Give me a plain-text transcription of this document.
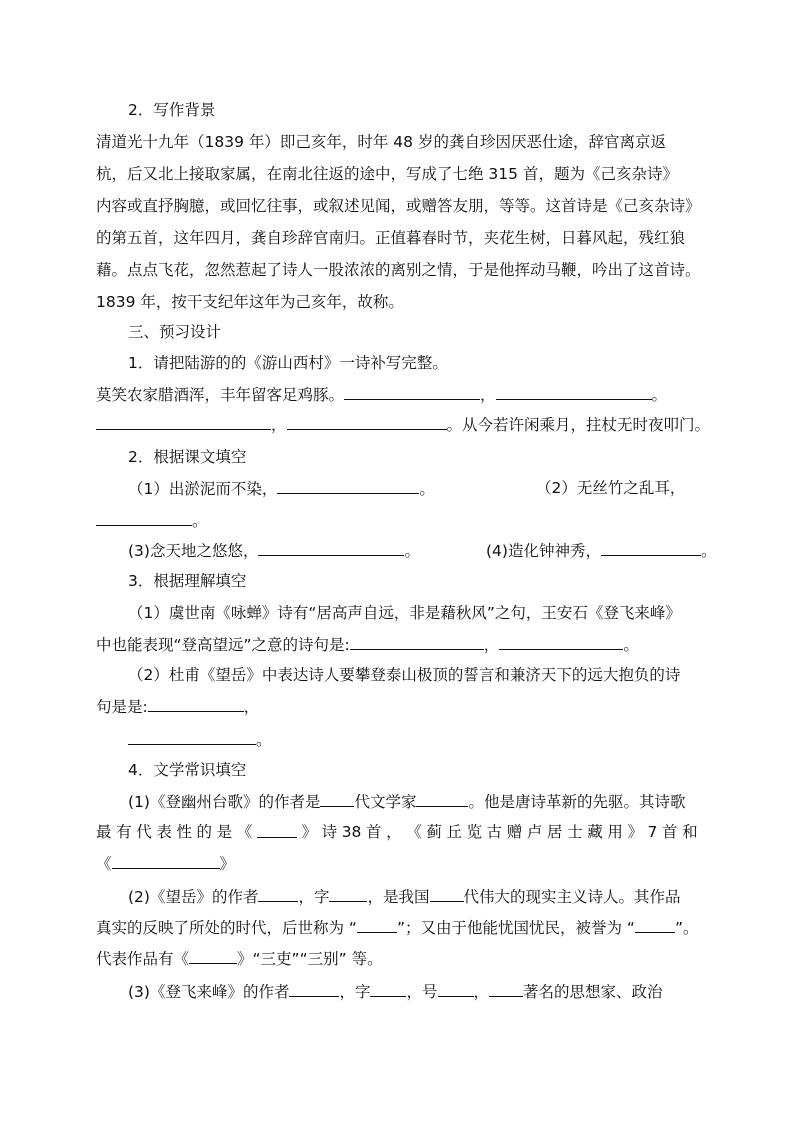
2．写作背景
清道光十九年（1839 年）即己亥年，时年 48 岁的龚自珍因厌恶仕途，辞官离京返
杭，后又北上接取家属，在南北往返的途中，写成了七绝 315 首，题为《己亥杂诗》
内容或直抒胸臆，或回忆往事，或叙述见闻，或赠答友朋，等等。这首诗是《己亥杂诗》
的第五首，这年四月，龚自珍辞官南归。正值暮春时节，夹花生树，日暮风起，残红狼
藉。点点飞花，忽然惹起了诗人一股浓浓的离别之情，于是他挥动马鞭，吟出了这首诗。
1839 年，按干支纪年这年为己亥年，故称。
三、预习设计
1．请把陆游的的《游山西村》一诗补写完整。
莫笑农家腊酒浑，丰年留客足鸡豚。	，	。
，	。从今若许闲乘月，拄杖无时夜叩门。
2．根据课文填空
（1）出淤泥而不染，	。	（2）无丝竹之乱耳，
。
(3)念天地之悠悠，	。	(4)造化钟神秀，	。
3．根据理解填空
（1）虞世南《咏蝉》诗有“居高声自远，非是藉秋风”之句，王安石《登飞来峰》
中也能表现“登高望远”之意的诗句是:	，	。
（2）杜甫《望岳》中表达诗人要攀登泰山极顶的誓言和兼济天下的远大抱负的诗
句是是:	，
。
4．文学常识填空
(1)《登幽州台歌》的作者是 代文学家	。他是唐诗革新的先驱。其诗歌
最 有 代 表 性 的 是 《	》 诗 38 首 ， 《 蓟 丘 览 古 赠 卢 居 士 藏 用 》 7 首 和
《	》
(2)《望岳》的作者	，字 ，是我国 代伟大的现实主义诗人。其作品
真实的反映了所处的时代，后世称为 “	”；又由于他能忧国忧民，被誉为 “	”。
代表作品有《	》“三吏”“三别” 等。
(3)《登飞来峰》的作者	，字 ，号 ， 著名的思想家、政治
